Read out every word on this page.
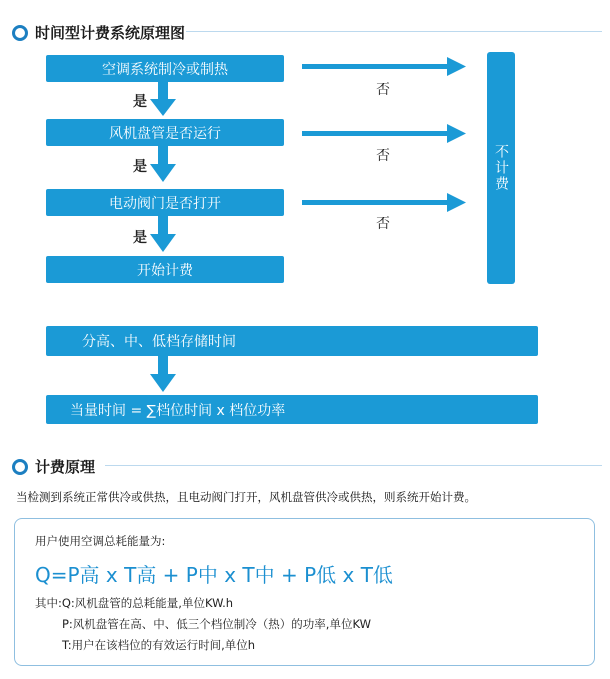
时间型计费系统原理图
空调系统制冷或制热
风机盘管是否运行
电动阀门是否打开
开始计费
是
是
是
否
否
否
不计费
分高、中、低档存储时间
当量时间 = ∑档位时间 x 档位功率
计费原理
当检测到系统正常供冷或供热，且电动阀门打开，风机盘管供冷或供热，则系统开始计费。
用户使用空调总耗能量为:
Q=P高 x T高 + P中 x T中 + P低 x T低
其中:Q:风机盘管的总耗能量,单位KW.h
P:风机盘管在高、中、低三个档位制冷（热）的功率,单位KW
T:用户在该档位的有效运行时间,单位h
